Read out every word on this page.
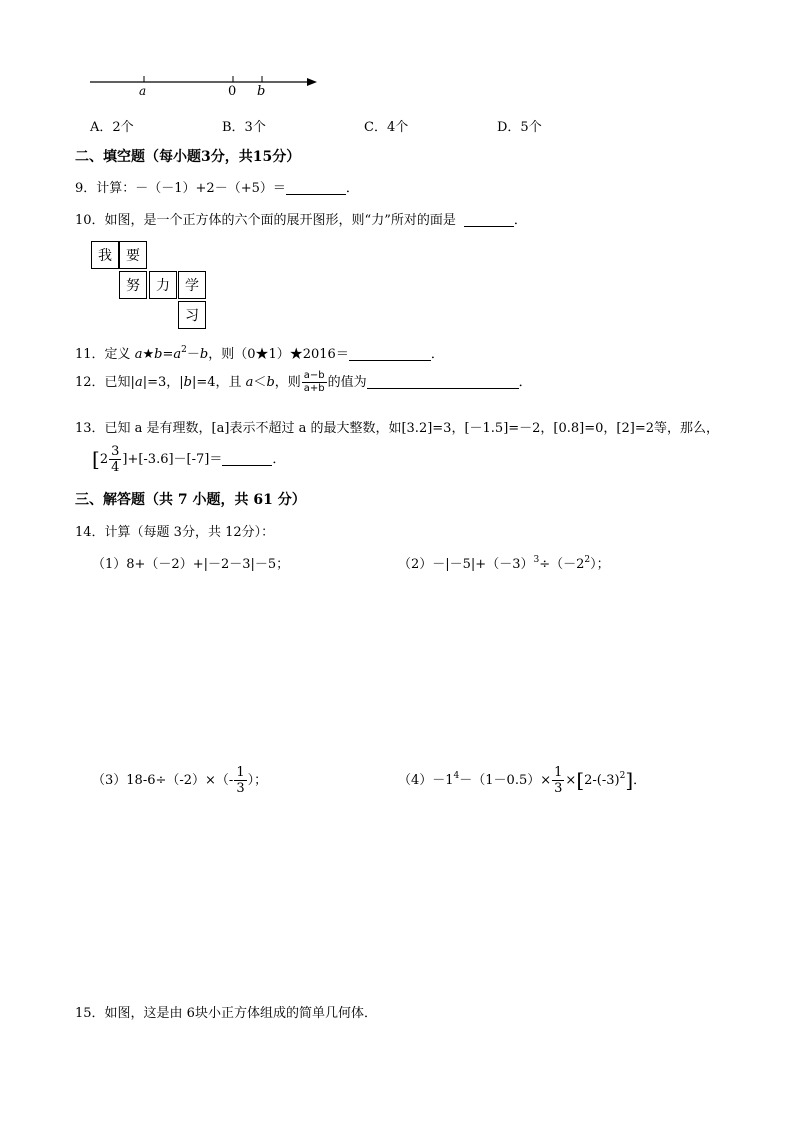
a	0 b
A．2个	B．3个	C．4个	D．5个
二、填空题（每小题3分，共15分）
9．计算：－（－1）+2－（+5）＝	．
10．如图，是一个正方体的六个面的展开图形，则“力”所对的面是	．
我	要
努	力	学
习
11．定义 $a★b=a^2-b$，则（0★1）★2016＝	．
12．已知|a|=3，|b|=4，且 a＜b，则 $\frac{a-b}{a+b}$ 的值为	．
13．已知 a 是有理数，[a]表示不超过 a 的最大整数，如[3.2]=3，[－1.5]=－2，[0.8]=0，[2]=2等，那么，
$[2 \frac{3}{4} ]+[-3.6]-[-7]=$	．
三、解答题（共 7 小题，共 61 分）
14．计算（每题 3分，共 12分）：
（1）8+（－2）+|－2－3|－5；	$(2)-|-5|+(-3)^3\div(-2^2)$；
$(3)18-6\div(-2)\times(- \frac{1}{3}$ ）；	$(4)-1^4-(1-0.5)\times \frac{1}{3} \times[2-(-3)^2]$．
15．如图，这是由 6块小正方体组成的简单几何体．
